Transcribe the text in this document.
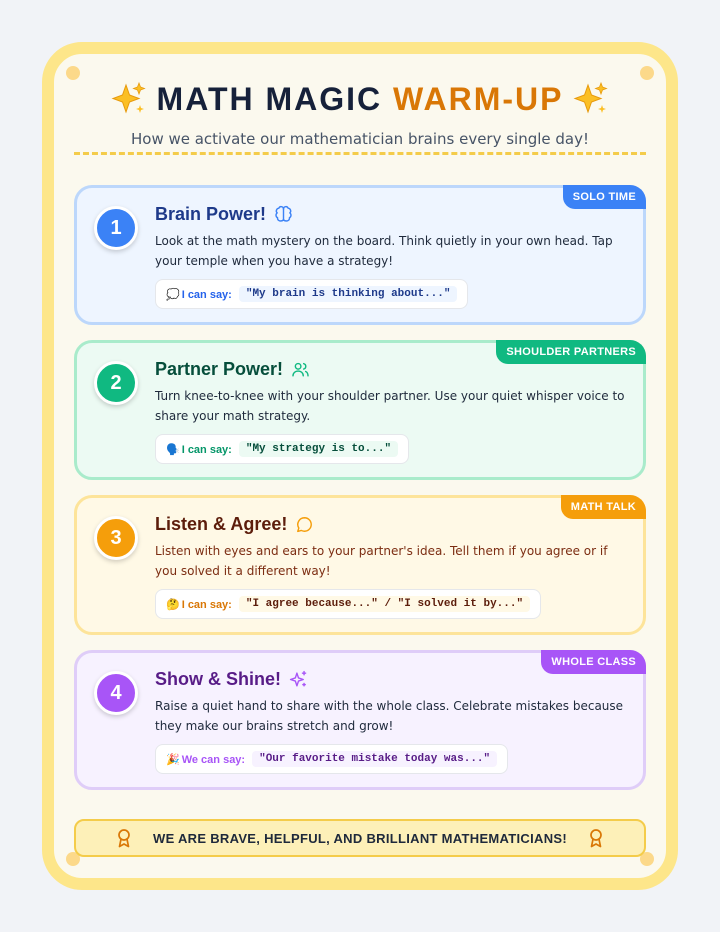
MATH MAGIC WARM-UP

How we activate our mathematician brains every single day!

SOLO TIME
1
Brain Power!

Look at the math mystery on the board. Think quietly in your own head. Tap your temple when you have a strategy!

💭 I can say:	"My brain is thinking about..."
SHOULDER PARTNERS
2
Partner Power!

Turn knee-to-knee with your shoulder partner. Use your quiet whisper voice to share your math strategy.

🗣️ I can say:	"My strategy is to..."
MATH TALK
3
Listen & Agree!

Listen with eyes and ears to your partner's idea. Tell them if you agree or if you solved it a different way!

🤔 I can say:	"I agree because..." / "I solved it by..."
WHOLE CLASS
4
Show & Shine!

Raise a quiet hand to share with the whole class. Celebrate mistakes because they make our brains stretch and grow!

🎉 We can say:	"Our favorite mistake today was..."
WE ARE BRAVE, HELPFUL, AND BRILLIANT MATHEMATICIANS!
